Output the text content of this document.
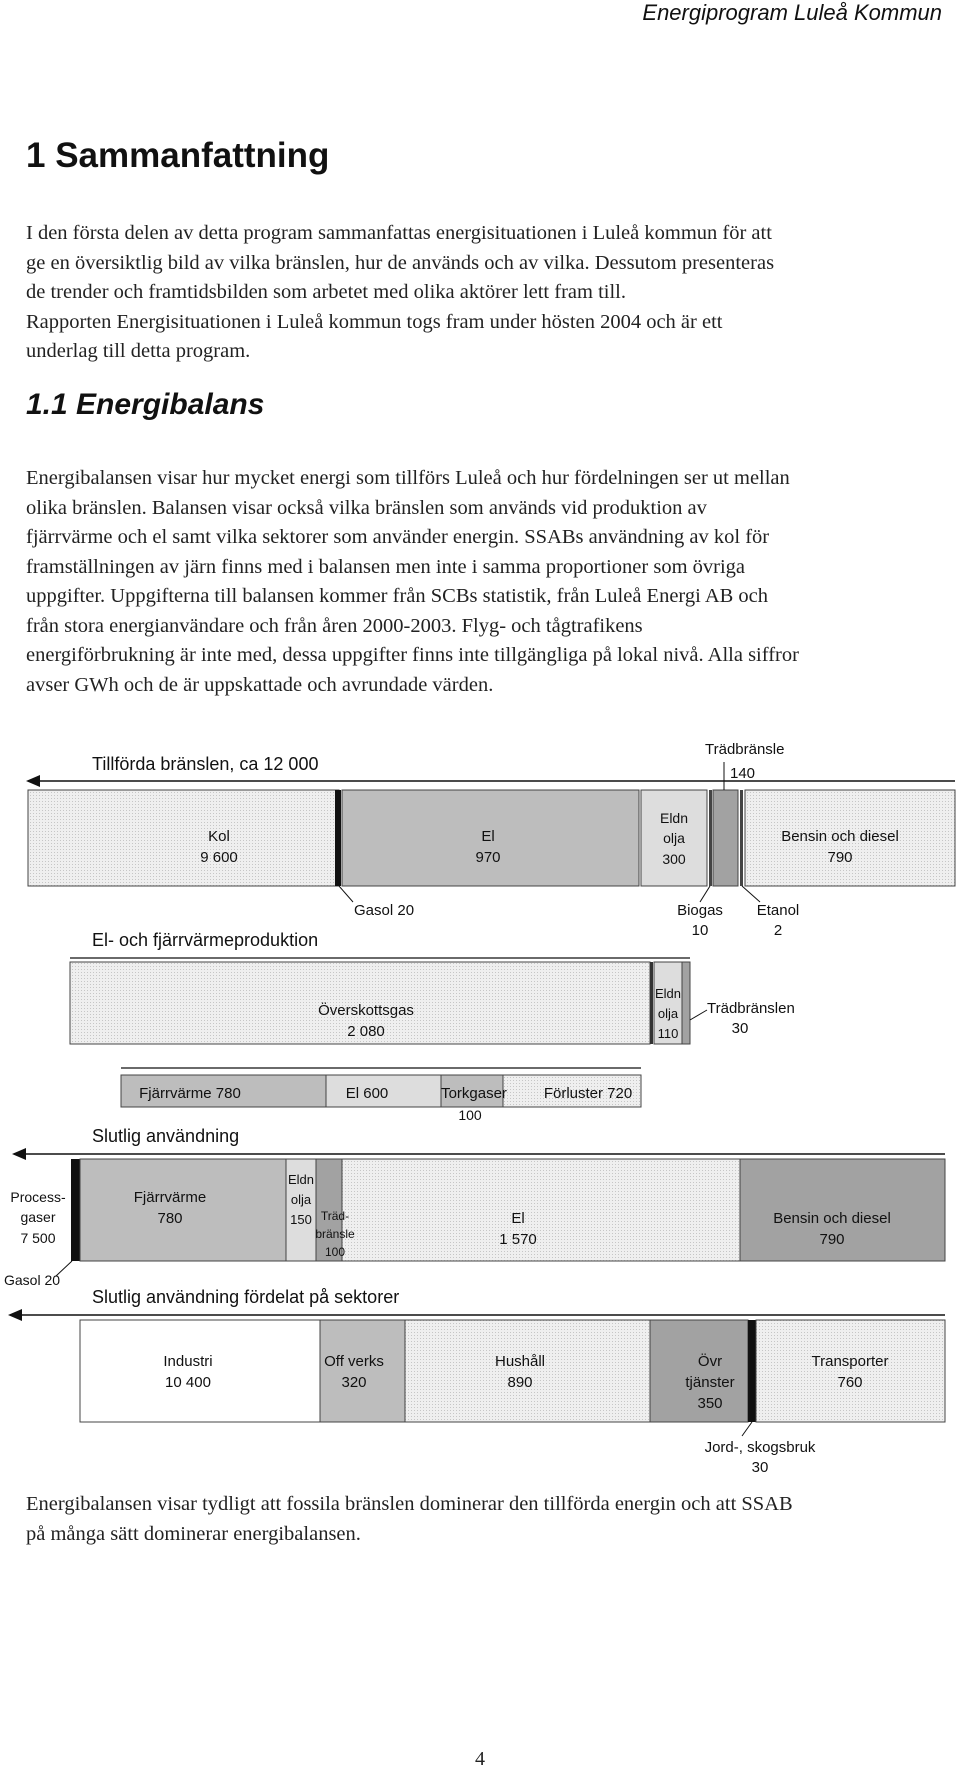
Energiprogram Luleå Kommun
1 Sammanfattning

I den första delen av detta program sammanfattas energisituationen i Luleå kommun för att
ge en översiktlig bild av vilka bränslen, hur de används och av vilka. Dessutom presenteras
de trender och framtidsbilden som arbetet med olika aktörer lett fram till.
Rapporten Energisituationen i Luleå kommun togs fram under hösten 2004 och är ett
underlag till detta program.

1.1 Energibalans

Energibalansen visar hur mycket energi som tillförs Luleå och hur fördelningen ser ut mellan
olika bränslen. Balansen visar också vilka bränslen som används vid produktion av
fjärrvärme och el samt vilka sektorer som använder energin. SSABs användning av kol för
framställningen av järn finns med i balansen men inte i samma proportioner som övriga
uppgifter. Uppgifterna till balansen kommer från SCBs statistik, från Luleå Energi AB och
från stora energianvändare och från åren 2000-2003. Flyg- och tågtrafikens
energiförbrukning är inte med, dessa uppgifter finns inte tillgängliga på lokal nivå. Alla siffror
avser GWh och de är uppskattade och avrundade värden.

Tillförda bränslen, ca 12 000
Kol
9 600
El
970
Eldn
olja
300
Bensin och diesel
790
Trädbränsle
140
Gasol 20	Biogas
10
Etanol
2
El- och fjärrvärmeproduktion
Överskottsgas
2 080
Eldn
olja
110
Trädbränslen
30
Fjärrvärme 780	El 600	Torkgaser
100
Förluster 720
Slutlig användning
Process-
gaser
7 500
Fjärrvärme
780
Eldn
olja
150 Träd-
bränsle
100
El
1 570
Bensin och diesel
790
Gasol 20
Slutlig användning fördelat på sektorer
Industri
10 400
Off verks
320
Hushåll
890
Övr
tjänster
350
Transporter
760
Jord-, skogsbruk
30

Energibalansen visar tydligt att fossila bränslen dominerar den tillförda energin och att SSAB
på många sätt dominerar energibalansen.

4
